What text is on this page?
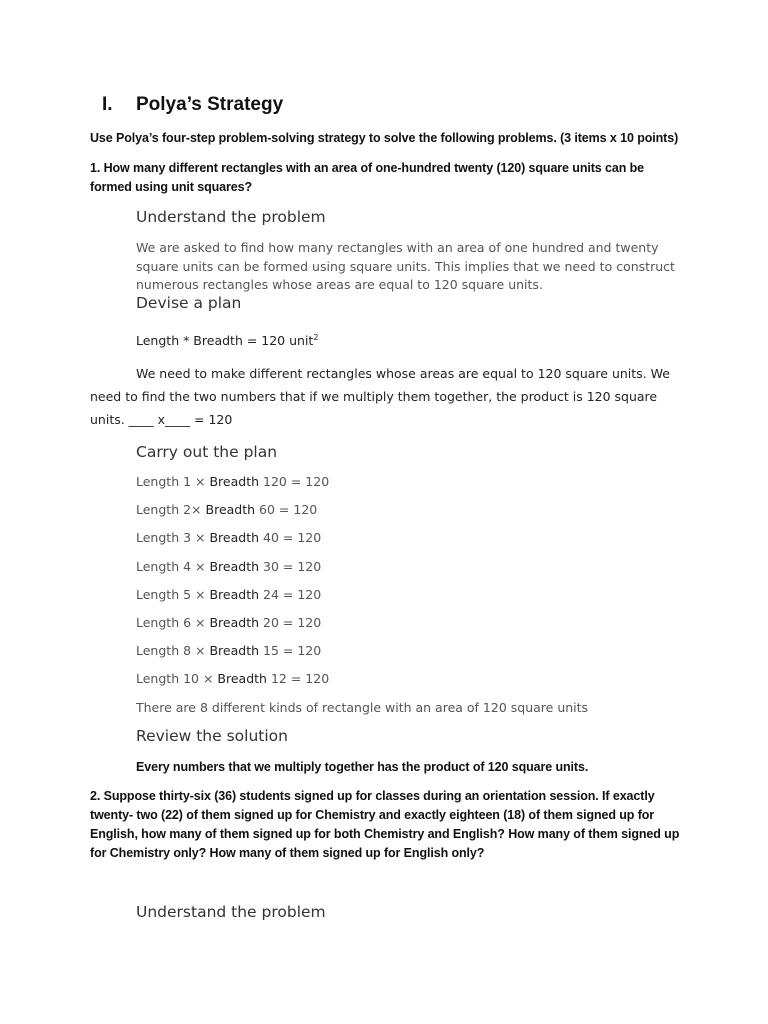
I. Polya’s Strategy
Use Polya’s four-step problem-solving strategy to solve the following problems. (3 items x 10 points)
1. How many different rectangles with an area of one-hundred twenty (120) square units can be
formed using unit squares?
Understand the problem
We are asked to find how many rectangles with an area of one hundred and twenty
square units can be formed using square units. This implies that we need to construct
numerous rectangles whose areas are equal to 120 square units.
Devise a plan
Length * Breadth = 120 unit$^2$
We need to make different rectangles whose areas are equal to 120 square units. We
need to find the two numbers that if we multiply them together, the product is 120 square
units. ____ x____ = 120
Carry out the plan
Length 1 × Breadth 120 = 120
Length 2× Breadth 60 = 120
Length 3 × Breadth 40 = 120
Length 4 × Breadth 30 = 120
Length 5 × Breadth 24 = 120
Length 6 × Breadth 20 = 120
Length 8 × Breadth 15 = 120
Length 10 × Breadth 12 = 120
There are 8 different kinds of rectangle with an area of 120 square units
Review the solution
Every numbers that we multiply together has the product of 120 square units.
2. Suppose thirty-six (36) students signed up for classes during an orientation session. If exactly
twenty- two (22) of them signed up for Chemistry and exactly eighteen (18) of them signed up for
English, how many of them signed up for both Chemistry and English? How many of them signed up
for Chemistry only? How many of them signed up for English only?
Understand the problem
